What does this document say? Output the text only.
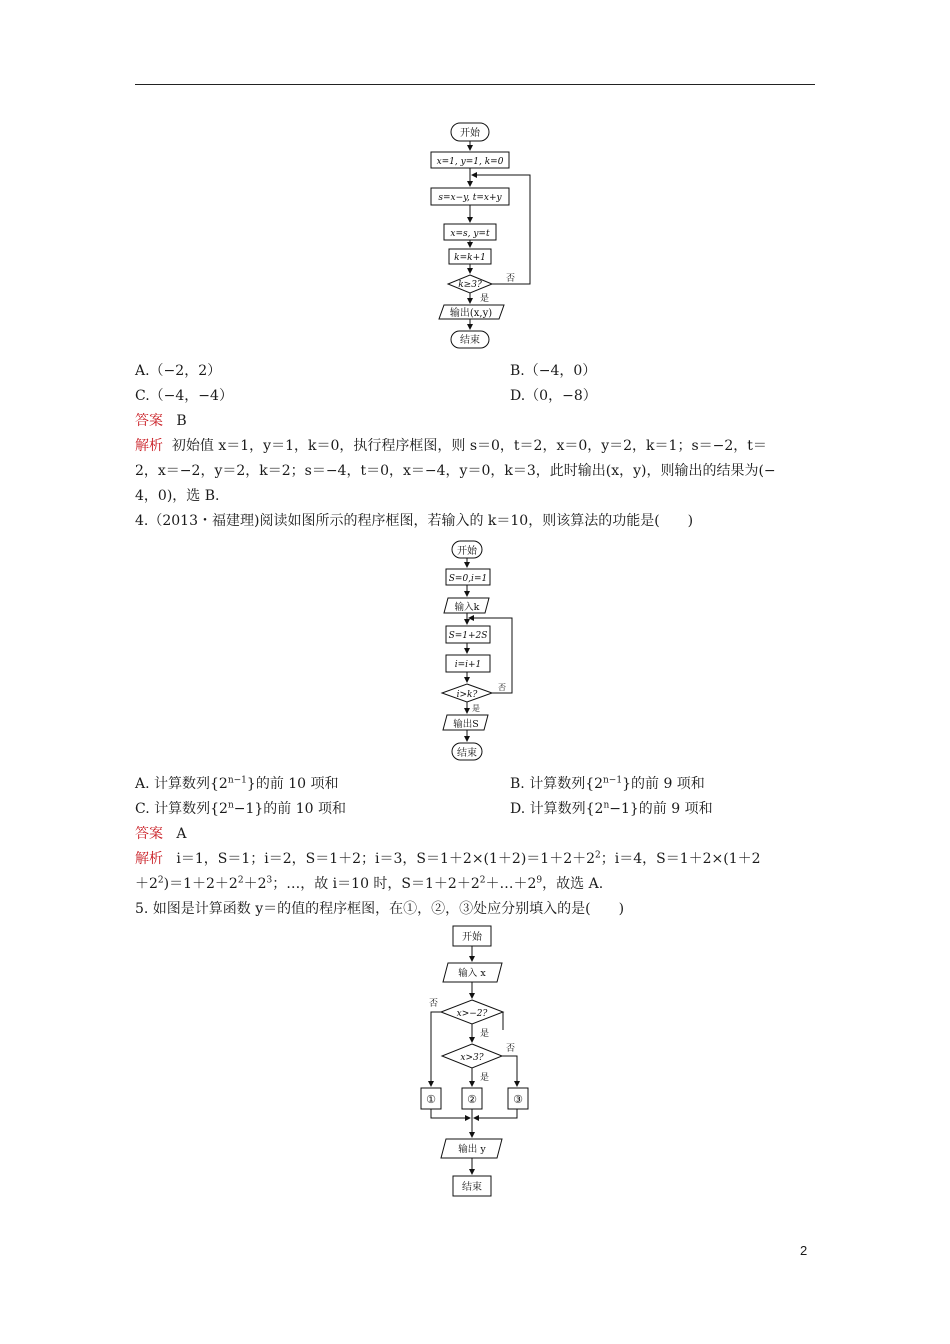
开始
x=1, y=1, k=0
s=x−y, t=x+y
x=s, y=t
k=k+1
k≥3?
否
是
输出(x,y)
结束
A.（−2，2）	B.（−4，0）
C.（−4，−4）	D.（0，−8）
答案 B
解析 初始值 x＝1，y＝1，k＝0，执行程序框图，则 s＝0，t＝2，x＝0，y＝2，k＝1；s＝−2，t＝
2，x＝−2，y＝2，k＝2；s＝−4，t＝0，x＝−4，y＝0，k＝3，此时输出(x，y)，则输出的结果为(−
4，0)，选 B.
4.（2013・福建理)阅读如图所示的程序框图，若输入的 k＝10，则该算法的功能是(　　)
开始
S=0,i=1
输入k
S=1+2S
i=i+1
i>k?
否
是
输出S
结束
A. 计算数列$\{2^{n-1}\}$的前 10 项和	B. 计算数列$\{2^{n-1}\}$的前 9 项和
C. 计算数列$\{2^n-1\}$的前 10 项和	D. 计算数列$\{2^n-1\}$的前 9 项和
答案 A
解析 i＝1，S＝1；i＝2，S＝1＋2；i＝3，$S=1+2\times(1+2)=1+2+2^2$；i＝4，S＝1＋2×(1＋2
$+2^2)=1+2+2^2+2^3$；…，故 i＝10 时，$S=1+2+2^2+\dots+2^9$，故选 A.
5. 如图是计算函数 y＝的值的程序框图，在①，②，③处应分别填入的是(　　)
开始
输入 x
x>−2?
x>3?
否
是
否
是
①	②	③
输出 y
结束
2
